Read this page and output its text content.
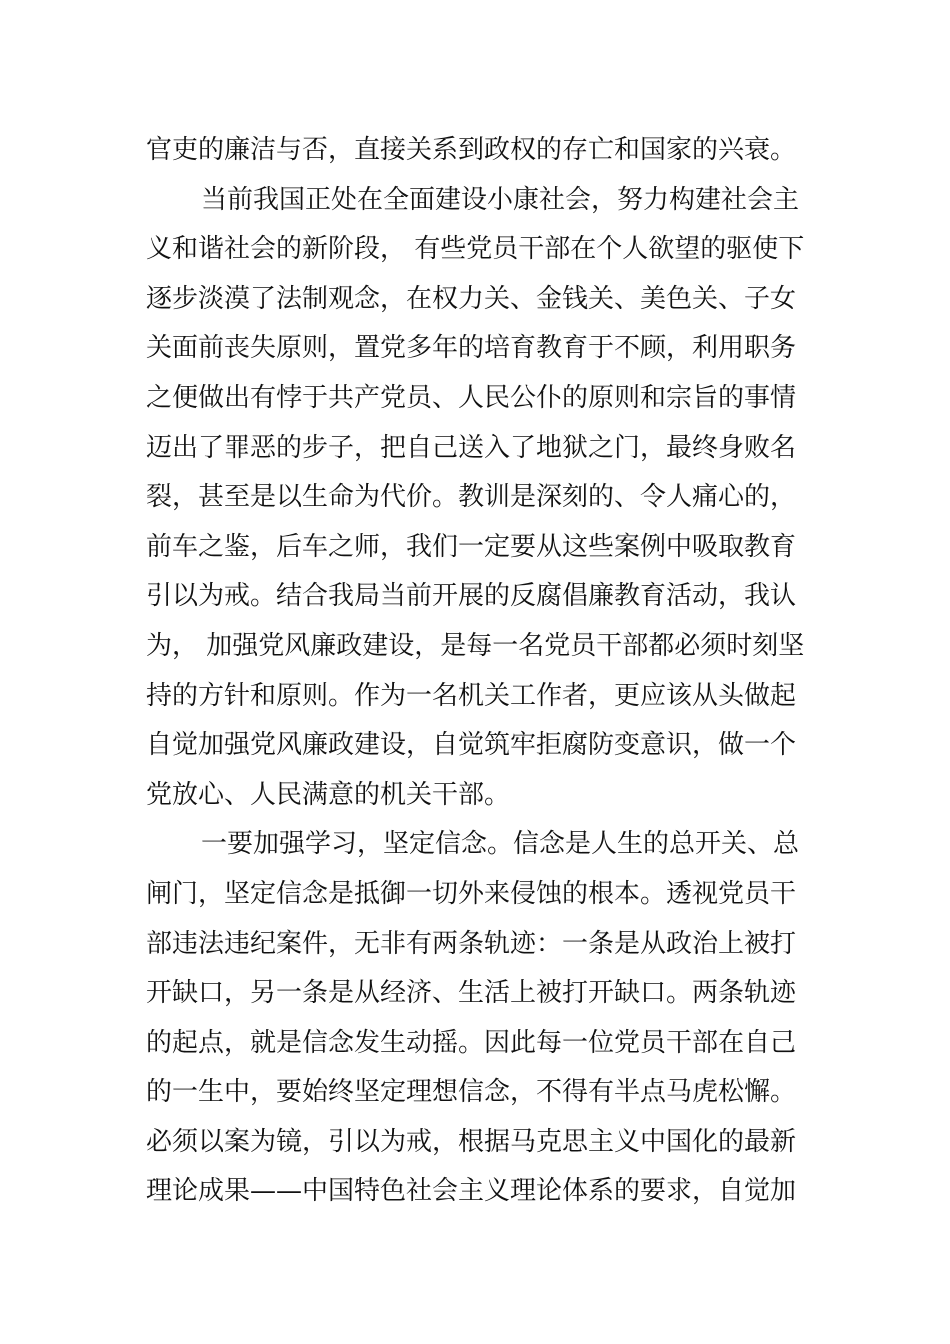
官吏的廉洁与否，直接关系到政权的存亡和国家的兴衰。
当前我国正处在全面建设小康社会，努力构建社会主
义和谐社会的新阶段， 有些党员干部在个人欲望的驱使下
逐步淡漠了法制观念，在权力关、金钱关、美色关、子女
关面前丧失原则，置党多年的培育教育于不顾，利用职务
之便做出有悖于共产党员、人民公仆的原则和宗旨的事情
迈出了罪恶的步子，把自己送入了地狱之门，最终身败名
裂，甚至是以生命为代价。教训是深刻的、令人痛心的，
前车之鉴，后车之师，我们一定要从这些案例中吸取教育
引以为戒。结合我局当前开展的反腐倡廉教育活动，我认
为， 加强党风廉政建设，是每一名党员干部都必须时刻坚
持的方针和原则。作为一名机关工作者，更应该从头做起
自觉加强党风廉政建设，自觉筑牢拒腐防变意识，做一个
党放心、人民满意的机关干部。
一要加强学习，坚定信念。信念是人生的总开关、总
闸门，坚定信念是抵御一切外来侵蚀的根本。透视党员干
部违法违纪案件，无非有两条轨迹：一条是从政治上被打
开缺口，另一条是从经济、生活上被打开缺口。两条轨迹
的起点，就是信念发生动摇。因此每一位党员干部在自己
的一生中，要始终坚定理想信念，不得有半点马虎松懈。
必须以案为镜，引以为戒，根据马克思主义中国化的最新
理论成果——中国特色社会主义理论体系的要求，自觉加
